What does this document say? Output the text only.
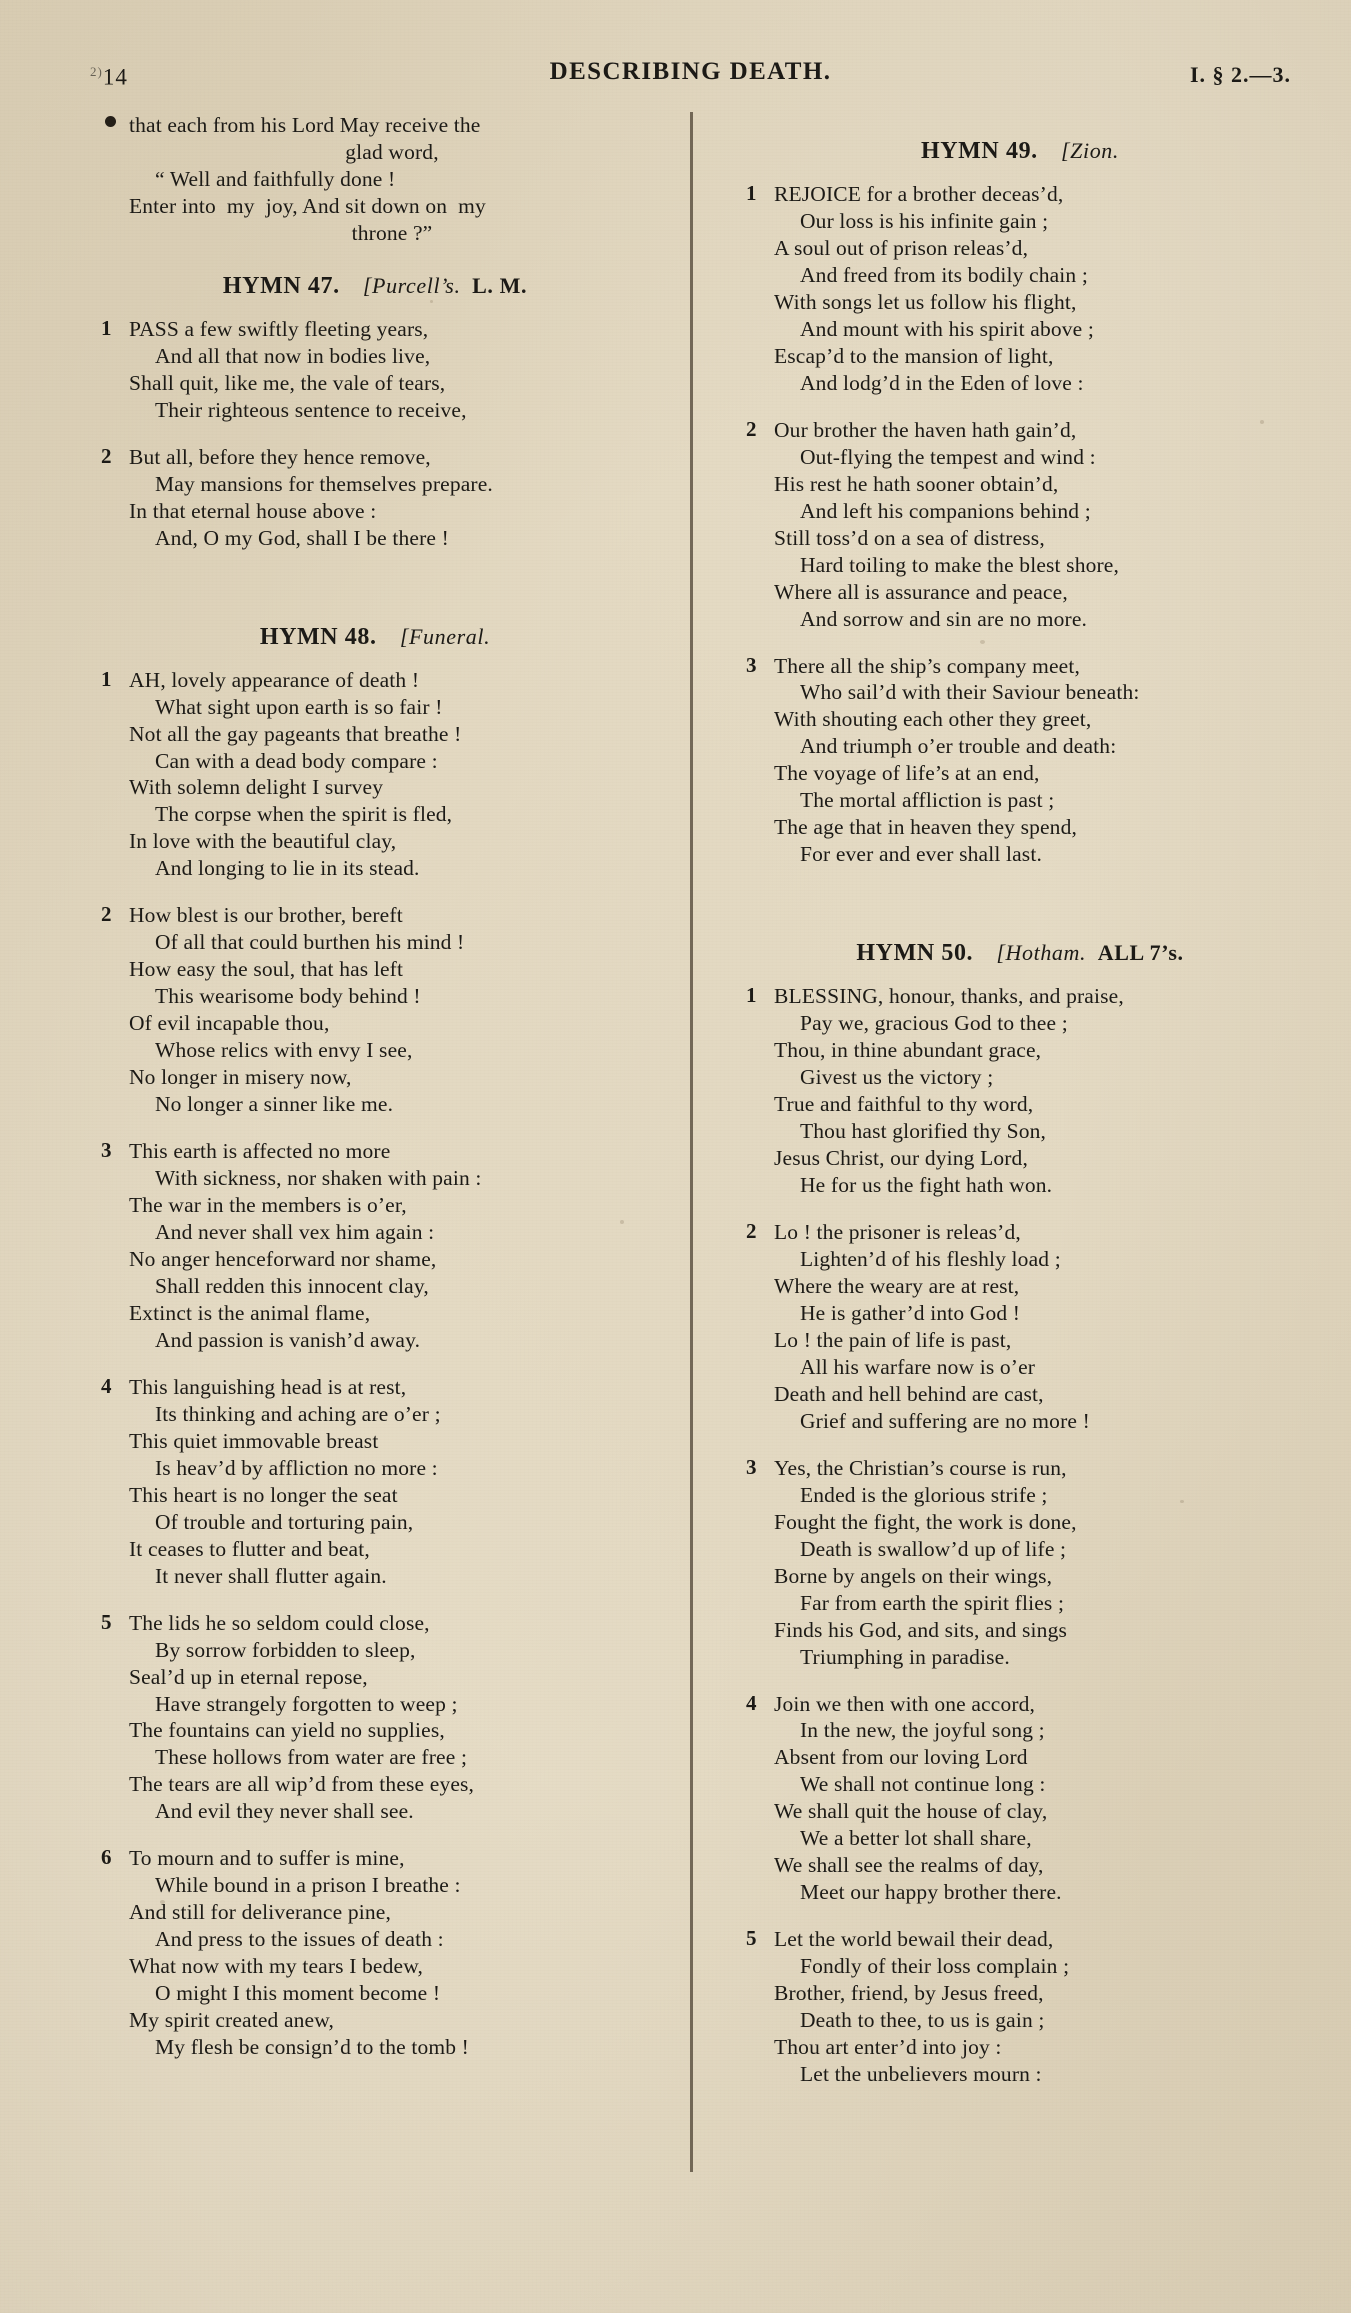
$^{2)}$14	DESCRIBING DEATH.	I. § 2.—3.
that each from his Lord May receive the
glad word,
“ Well and faithfully done !
Enter into  my  joy, And sit down on  my
throne ?”
HYMN 47.  [Purcell’s. L. M.
1 PASS a few swiftly fleeting years,
And all that now in bodies live,
Shall quit, like me, the vale of tears,
Their righteous sentence to receive,
2 But all, before they hence remove,
May mansions for themselves prepare.
In that eternal house above :
And, O my God, shall I be there !
HYMN 48.  [Funeral.
1 AH, lovely appearance of death !
What sight upon earth is so fair !
Not all the gay pageants that breathe !
Can with a dead body compare :
With solemn delight I survey
The corpse when the spirit is fled,
In love with the beautiful clay,
And longing to lie in its stead.
2 How blest is our brother, bereft
Of all that could burthen his mind !
How easy the soul, that has left
This wearisome body behind !
Of evil incapable thou,
Whose relics with envy I see,
No longer in misery now,
No longer a sinner like me.
3 This earth is affected no more
With sickness, nor shaken with pain :
The war in the members is o’er,
And never shall vex him again :
No anger henceforward nor shame,
Shall redden this innocent clay,
Extinct is the animal flame,
And passion is vanish’d away.
4 This languishing head is at rest,
Its thinking and aching are o’er ;
This quiet immovable breast
Is heav’d by affliction no more :
This heart is no longer the seat
Of trouble and torturing pain,
It ceases to flutter and beat,
It never shall flutter again.
5 The lids he so seldom could close,
By sorrow forbidden to sleep,
Seal’d up in eternal repose,
Have strangely forgotten to weep ;
The fountains can yield no supplies,
These hollows from water are free ;
The tears are all wip’d from these eyes,
And evil they never shall see.
6 To mourn and to suffer is mine,
While bound in a prison I breathe :
And still for deliverance pine,
And press to the issues of death :
What now with my tears I bedew,
O might I this moment become !
My spirit created anew,
My flesh be consign’d to the tomb !
HYMN 49.  [Zion.
1 REJOICE for a brother deceas’d,
Our loss is his infinite gain ;
A soul out of prison releas’d,
And freed from its bodily chain ;
With songs let us follow his flight,
And mount with his spirit above ;
Escap’d to the mansion of light,
And lodg’d in the Eden of love :
2 Our brother the haven hath gain’d,
Out-flying the tempest and wind :
His rest he hath sooner obtain’d,
And left his companions behind ;
Still toss’d on a sea of distress,
Hard toiling to make the blest shore,
Where all is assurance and peace,
And sorrow and sin are no more.
3 There all the ship’s company meet,
Who sail’d with their Saviour beneath:
With shouting each other they greet,
And triumph o’er trouble and death:
The voyage of life’s at an end,
The mortal affliction is past ;
The age that in heaven they spend,
For ever and ever shall last.
HYMN 50.  [Hotham. ALL 7’s.
1 BLESSING, honour, thanks, and praise,
Pay we, gracious God to thee ;
Thou, in thine abundant grace,
Givest us the victory ;
True and faithful to thy word,
Thou hast glorified thy Son,
Jesus Christ, our dying Lord,
He for us the fight hath won.
2 Lo ! the prisoner is releas’d,
Lighten’d of his fleshly load ;
Where the weary are at rest,
He is gather’d into God !
Lo ! the pain of life is past,
All his warfare now is o’er
Death and hell behind are cast,
Grief and suffering are no more !
3 Yes, the Christian’s course is run,
Ended is the glorious strife ;
Fought the fight, the work is done,
Death is swallow’d up of life ;
Borne by angels on their wings,
Far from earth the spirit flies ;
Finds his God, and sits, and sings
Triumphing in paradise.
4 Join we then with one accord,
In the new, the joyful song ;
Absent from our loving Lord
We shall not continue long :
We shall quit the house of clay,
We a better lot shall share,
We shall see the realms of day,
Meet our happy brother there.
5 Let the world bewail their dead,
Fondly of their loss complain ;
Brother, friend, by Jesus freed,
Death to thee, to us is gain ;
Thou art enter’d into joy :
Let the unbelievers mourn :
